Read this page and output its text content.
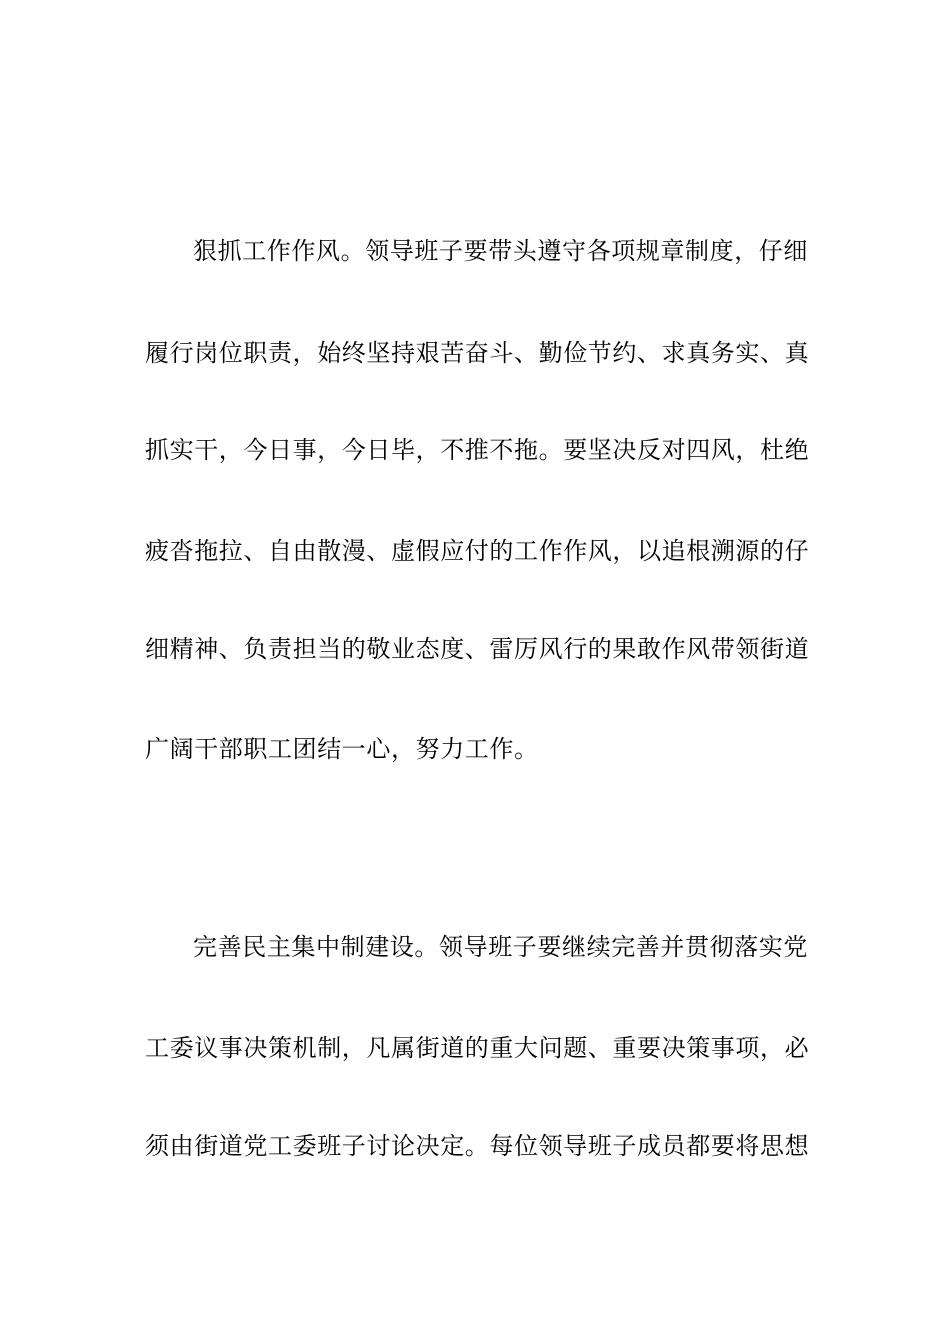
狠抓工作作风。领导班子要带头遵守各项规章制度，仔细
履行岗位职责，始终坚持艰苦奋斗、勤俭节约、求真务实、真
抓实干，今日事，今日毕，不推不拖。要坚决反对四风，杜绝
疲沓拖拉、自由散漫、虚假应付的工作作风，以追根溯源的仔
细精神、负责担当的敬业态度、雷厉风行的果敢作风带领街道
广阔干部职工团结一心，努力工作。
完善民主集中制建设。领导班子要继续完善并贯彻落实党
工委议事决策机制，凡属街道的重大问题、重要决策事项，必
须由街道党工委班子讨论决定。每位领导班子成员都要将思想
